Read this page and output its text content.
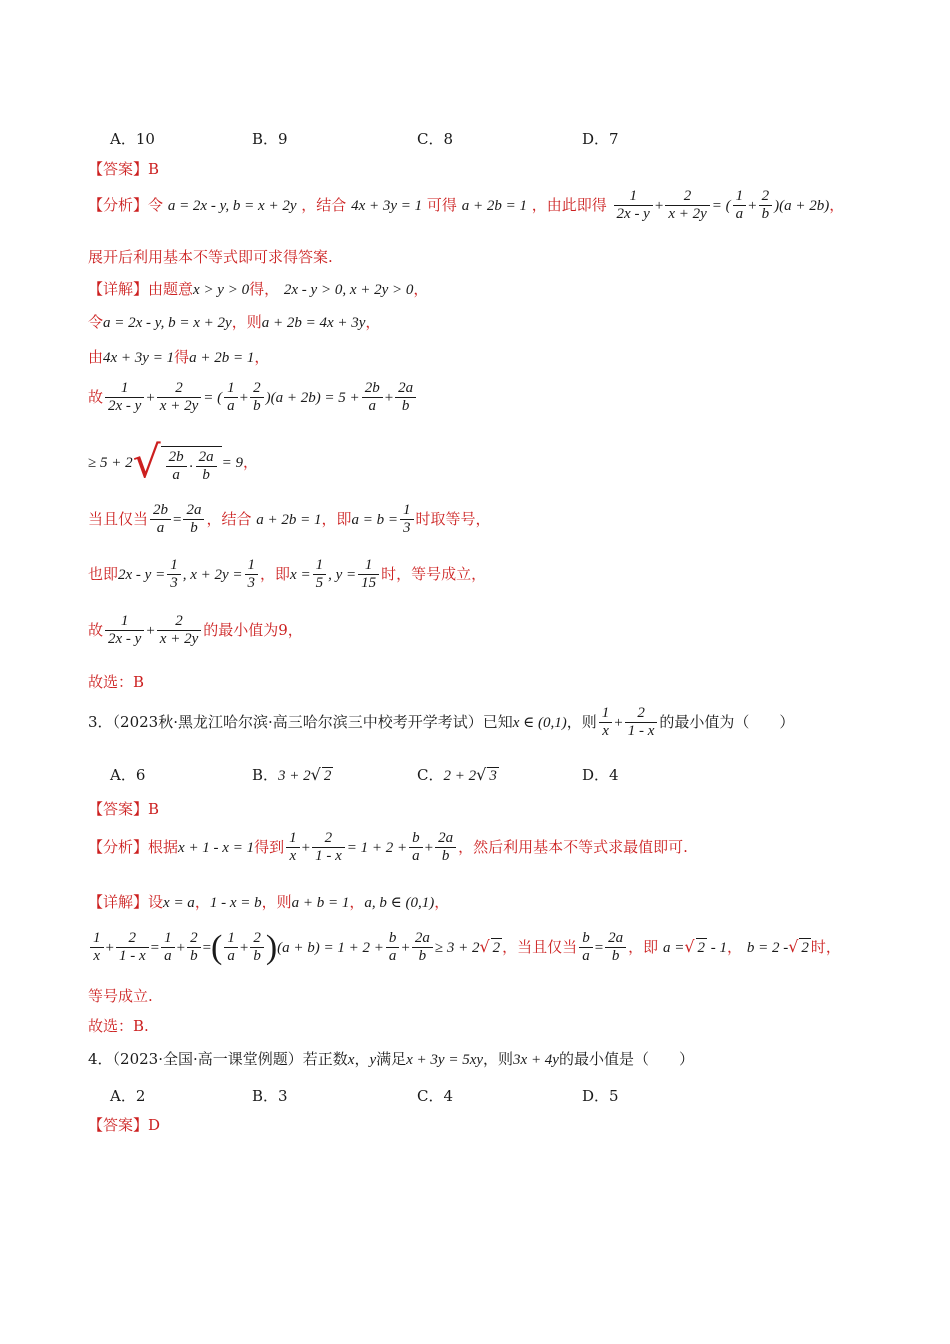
A．10	B．9	C．8	D．7
【答案】B
【分析】令 a = 2x - y, b = x + 2y ，结合 4x + 3y = 1 可得 a + 2b = 1 ，由此即得 $\frac{1}{2x - y} + \frac{2}{x + 2y}$ = ( $\frac{1}{a} + \frac{2}{b} )(a + 2b)$，
展开后利用基本不等式即可求得答案.
【详解】由题意x > y > 0得， 2x - y > 0, x + 2y > 0，
令a = 2x - y, b = x + 2y，则a + 2b = 4x + 3y，
由4x + 3y = 1得a + 2b = 1，
故 $\frac{1}{2x - y} + \frac{2}{x + 2y}$ = ( $\frac{1}{a} + \frac{2}{b} )(a + 2b) = 5 + \frac{2b}{a} + \frac{2a}{b}$
≥ 5 + 2 √ $\frac{2b}{a} \cdot \frac{2a}{b} = 9$，
当且仅当 $\frac{2b}{a} = \frac{2a}{b}$ ，结合 a + 2b = 1，即$a = b = \frac{1}{3}$ 时取等号，
也即$2x - y = \frac{1}{3}$ , $x + 2y = \frac{1}{3}$ ，即$x = \frac{1}{5}$ , $y = \frac{1}{15}$ 时，等号成立，
故 $\frac{1}{2x - y} + \frac{2}{x + 2y}$ 的最小值为9，
故选：B
3．（2023秋·黑龙江哈尔滨·高三哈尔滨三中校考开学考试）已知x ∈ (0,1)，则 $\frac{1}{x} + \frac{2}{1 - x}$ 的最小值为（　　）
A．6	B．3 + 2√ 2	C．2 + 2√ 3	D．4
【答案】B
【分析】根据x + 1 - x = 1得到 $\frac{1}{x} + \frac{2}{1 - x} = 1 + 2 + \frac{b}{a} + \frac{2a}{b}$ ，然后利用基本不等式求最值即可.
【详解】设x = a，1 - x = b，则a + b = 1，a, b ∈ (0,1)，
$\frac{1}{x} + \frac{2}{1 - x} = \frac{1}{a} + \frac{2}{b}$ =( $\frac{1}{a} + \frac{2}{b} )(a + b) = 1 + 2 + \frac{b}{a} + \frac{2a}{b} \ge 3 + 2√$ 2 ，当且仅当 $\frac{b}{a} = \frac{2a}{b}$ ，即 a =√ 2 - 1， b = 2 -√ 2 时，
等号成立.
故选：B.
4．（2023·全国·高一课堂例题）若正数x，y满足x + 3y = 5xy，则3x + 4y的最小值是（　　）
A．2	B．3	C．4	D．5
【答案】D
